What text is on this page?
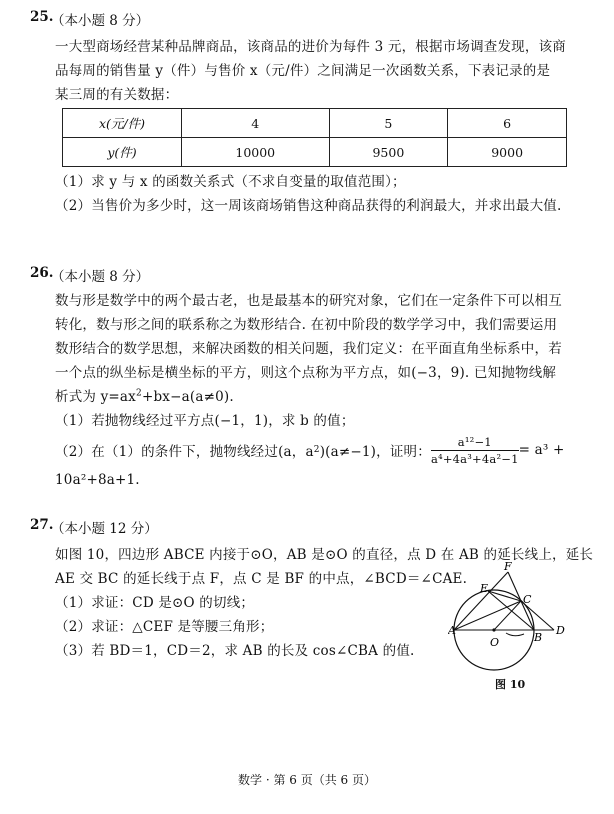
25.
（本小题 8 分）
一大型商场经营某种品牌商品，该商品的进价为每件 3 元，根据市场调查发现，该商
品每周的销售量 y（件）与售价 x（元/件）之间满足一次函数关系，下表记录的是
某三周的有关数据：
x(元/件)	4	5	6
y(件)	10000	9500	9000
（1）求 y 与 x 的函数关系式（不求自变量的取值范围）；
（2）当售价为多少时，这一周该商场销售这种商品获得的利润最大，并求出最大值.
26.
（本小题 8 分）
数与形是数学中的两个最古老，也是最基本的研究对象，它们在一定条件下可以相互
转化，数与形之间的联系称之为数形结合. 在初中阶段的数学学习中，我们需要运用
数形结合的数学思想，来解决函数的相关问题，我们定义：在平面直角坐标系中，若
一个点的纵坐标是横坐标的平方，则这个点称为平方点，如(−3，9). 已知抛物线解
析式为 $y=ax^2+bx-a(a\ne 0)$.
（1）若抛物线经过平方点(−1，1)，求 b 的值；
（2）在（1）的条件下，抛物线经过(a，a 2 )(a≠−1)，证明： $\frac{\text{a¹²−1}}{\text{a⁴+4a³+4a²−1}} = a^3$ +
10a²+8a+1.
27.
（本小题 12 分）
如图 10，四边形 ABCE 内接于⊙O，AB 是⊙O 的直径，点 D 在 AB 的延长线上，延长
AE 交 BC 的延长线于点 F，点 C 是 BF 的中点，∠BCD＝∠CAE.
（1）求证：CD 是⊙O 的切线；
（2）求证：△CEF 是等腰三角形；
（3）若 BD＝1，CD＝2，求 AB 的长及 cos∠CBA 的值.
A
B
C
D
E
F
O
图 10
数学 · 第 6 页（共 6 页）
